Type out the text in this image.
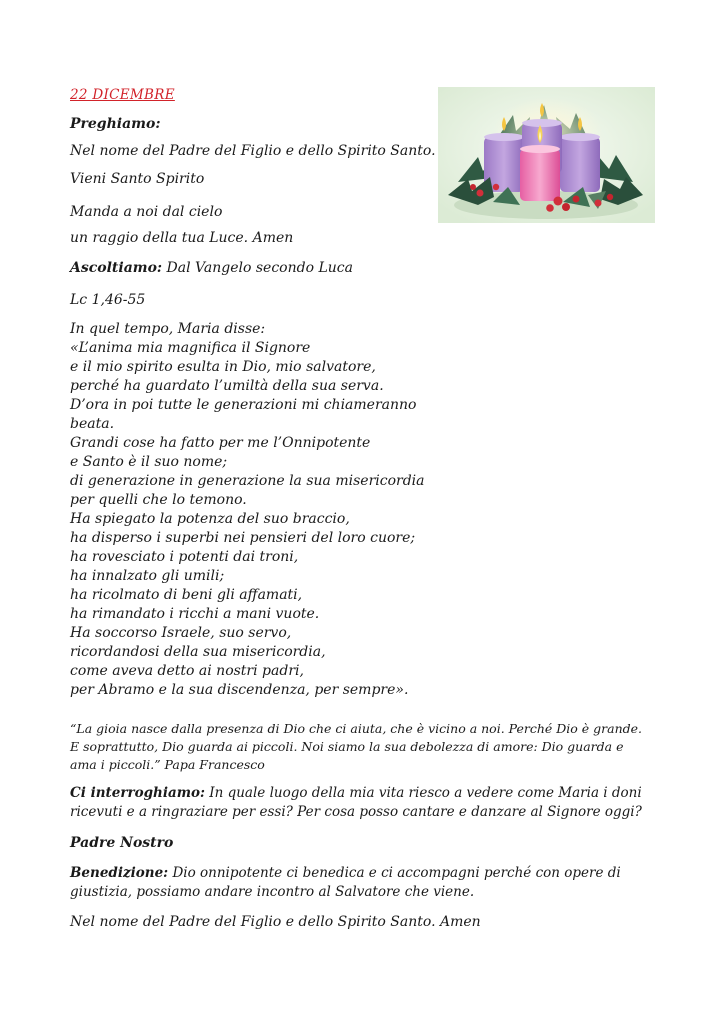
22 DICEMBRE
Preghiamo:
Nel nome del Padre del Figlio e dello Spirito Santo.
Vieni Santo Spirito
Manda a noi dal cielo
un raggio della tua Luce. Amen
Ascoltiamo: Dal Vangelo secondo Luca
Lc 1,46-55
In quel tempo, Maria disse:
«L’anima mia magnifica il Signore
e il mio spirito esulta in Dio, mio salvatore,
perché ha guardato l’umiltà della sua serva.
D’ora in poi tutte le generazioni mi chiameranno
beata.
Grandi cose ha fatto per me l’Onnipotente
e Santo è il suo nome;
di generazione in generazione la sua misericordia
per quelli che lo temono.
Ha spiegato la potenza del suo braccio,
ha disperso i superbi nei pensieri del loro cuore;
ha rovesciato i potenti dai troni,
ha innalzato gli umili;
ha ricolmato di beni gli affamati,
ha rimandato i ricchi a mani vuote.
Ha soccorso Israele, suo servo,
ricordandosi della sua misericordia,
come aveva detto ai nostri padri,
per Abramo e la sua discendenza, per sempre».
“La gioia nasce dalla presenza di Dio che ci aiuta, che è vicino a noi. Perché Dio è grande.
E soprattutto, Dio guarda ai piccoli. Noi siamo la sua debolezza di amore: Dio guarda e
ama i piccoli.” Papa Francesco
Ci interroghiamo: In quale luogo della mia vita riesco a vedere come Maria i doni
ricevuti e a ringraziare per essi? Per cosa posso cantare e danzare al Signore oggi?
Padre Nostro
Benedizione: Dio onnipotente ci benedica e ci accompagni perché con opere di
giustizia, possiamo andare incontro al Salvatore che viene.
Nel nome del Padre del Figlio e dello Spirito Santo. Amen
